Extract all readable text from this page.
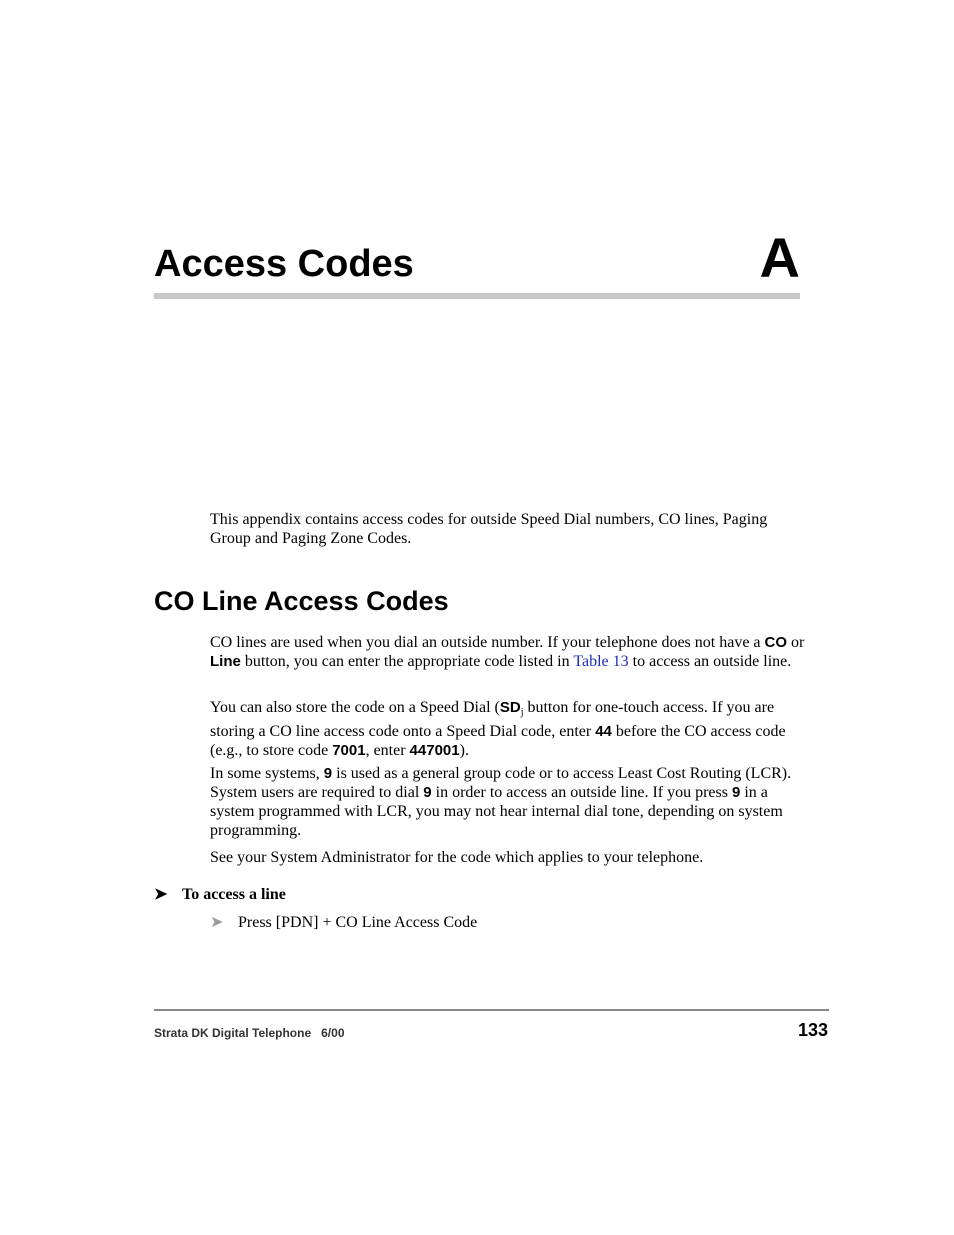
Access Codes	A

This appendix contains access codes for outside Speed Dial numbers, CO lines, Paging Group and Paging Zone Codes.

CO Line Access Codes

CO lines are used when you dial an outside number. If your telephone does not have a CO or Line button, you can enter the appropriate code listed in Table 13 to access an outside line.

You can also store the code on a Speed Dial (SDj button for one-touch access. If you are storing a CO line access code onto a Speed Dial code, enter 44 before the CO access code (e.g., to store code 7001, enter 447001).

In some systems, 9 is used as a general group code or to access Least Cost Routing (LCR). System users are required to dial 9 in order to access an outside line. If you press 9 in a system programmed with LCR, you may not hear internal dial tone, depending on system programming.

See your System Administrator for the code which applies to your telephone.

➤ To access a line

➤ Press [PDN] + CO Line Access Code

Strata DK Digital Telephone   6/00	133
